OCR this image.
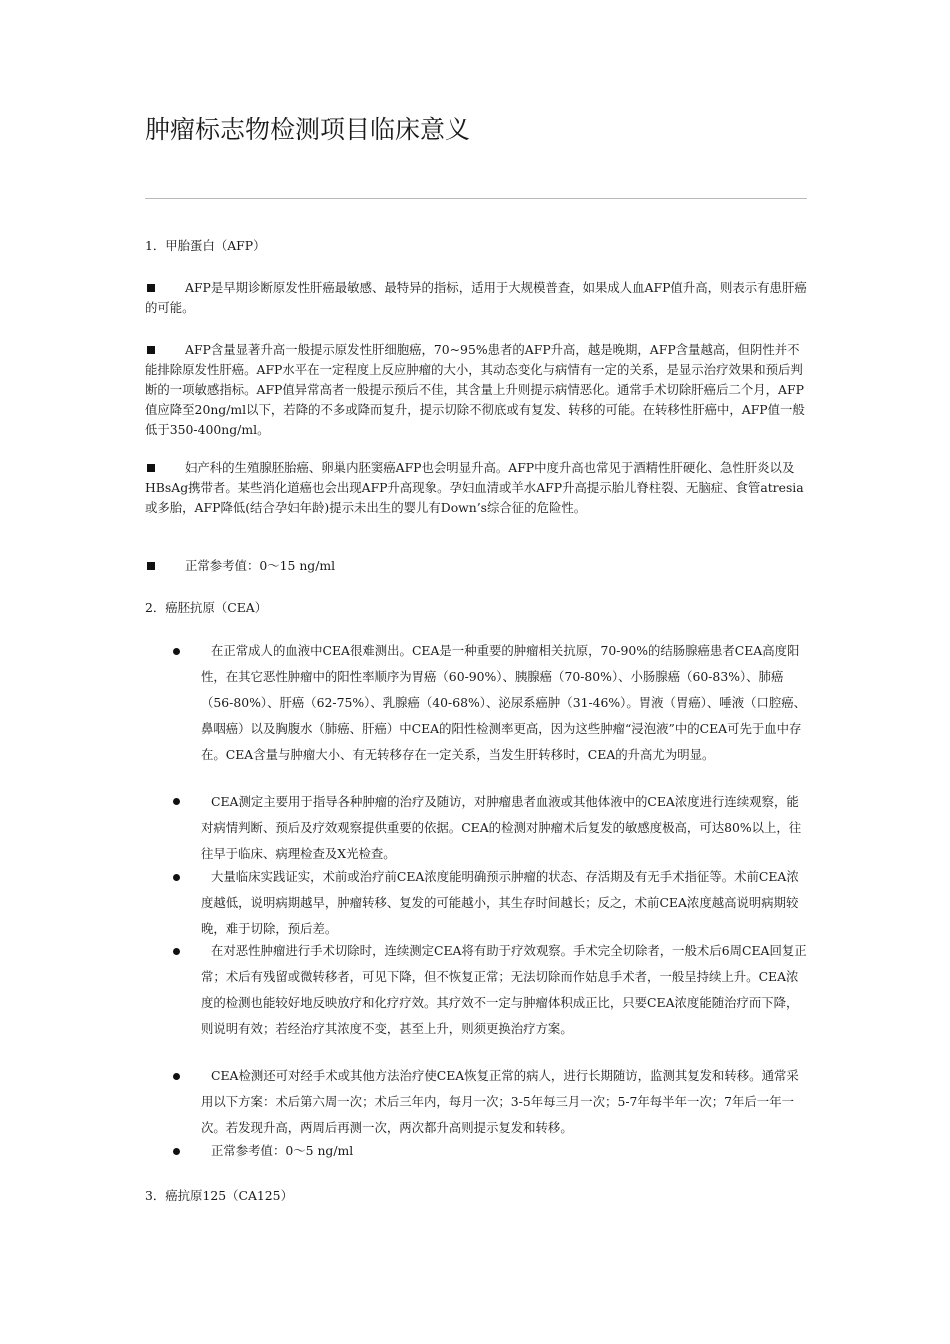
肿瘤标志物检测项目临床意义
1．甲胎蛋白（AFP）
AFP是早期诊断原发性肝癌最敏感、最特异的指标，适用于大规模普查，如果成人血AFP值升高，则表示有患肝癌的可能。
AFP含量显著升高一般提示原发性肝细胞癌，70~95%患者的AFP升高，越是晚期，AFP含量越高，但阴性并不能排除原发性肝癌。AFP水平在一定程度上反应肿瘤的大小，其动态变化与病情有一定的关系，是显示治疗效果和预后判断的一项敏感指标。AFP值异常高者一般提示预后不佳，其含量上升则提示病情恶化。通常手术切除肝癌后二个月，AFP值应降至20ng/ml以下，若降的不多或降而复升，提示切除不彻底或有复发、转移的可能。在转移性肝癌中，AFP值一般低于350-400ng/ml。
妇产科的生殖腺胚胎癌、卵巢内胚窦癌AFP也会明显升高。AFP中度升高也常见于酒精性肝硬化、急性肝炎以及HBsAg携带者。某些消化道癌也会出现AFP升高现象。孕妇血清或羊水AFP升高提示胎儿脊柱裂、无脑症、食管atresia或多胎，AFP降低(结合孕妇年龄)提示未出生的婴儿有Down’s综合征的危险性。
正常参考值：0～15 ng/ml
2．癌胚抗原（CEA）
在正常成人的血液中CEA很难测出。CEA是一种重要的肿瘤相关抗原，70-90%的结肠腺癌患者CEA高度阳性，在其它恶性肿瘤中的阳性率顺序为胃癌（60-90%）、胰腺癌（70-80%）、小肠腺癌（60-83%）、肺癌（56-80%）、肝癌（62-75%）、乳腺癌（40-68%）、泌尿系癌肿（31-46%）。胃液（胃癌）、唾液（口腔癌、鼻咽癌）以及胸腹水（肺癌、肝癌）中CEA的阳性检测率更高，因为这些肿瘤“浸泡液”中的CEA可先于血中存在。CEA含量与肿瘤大小、有无转移存在一定关系，当发生肝转移时，CEA的升高尤为明显。
CEA测定主要用于指导各种肿瘤的治疗及随访，对肿瘤患者血液或其他体液中的CEA浓度进行连续观察，能对病情判断、预后及疗效观察提供重要的依据。CEA的检测对肿瘤术后复发的敏感度极高，可达80%以上，往往早于临床、病理检查及X光检查。
大量临床实践证实，术前或治疗前CEA浓度能明确预示肿瘤的状态、存活期及有无手术指征等。术前CEA浓度越低，说明病期越早，肿瘤转移、复发的可能越小，其生存时间越长；反之，术前CEA浓度越高说明病期较晚，难于切除，预后差。
在对恶性肿瘤进行手术切除时，连续测定CEA将有助于疗效观察。手术完全切除者，一般术后6周CEA回复正常；术后有残留或微转移者，可见下降，但不恢复正常；无法切除而作姑息手术者，一般呈持续上升。CEA浓度的检测也能较好地反映放疗和化疗疗效。其疗效不一定与肿瘤体积成正比，只要CEA浓度能随治疗而下降，则说明有效；若经治疗其浓度不变，甚至上升，则须更换治疗方案。
CEA检测还可对经手术或其他方法治疗使CEA恢复正常的病人，进行长期随访，监测其复发和转移。通常采用以下方案：术后第六周一次；术后三年内，每月一次；3-5年每三月一次；5-7年每半年一次；7年后一年一次。若发现升高，两周后再测一次，两次都升高则提示复发和转移。
正常参考值：0～5 ng/ml
3．癌抗原125（CA125）
